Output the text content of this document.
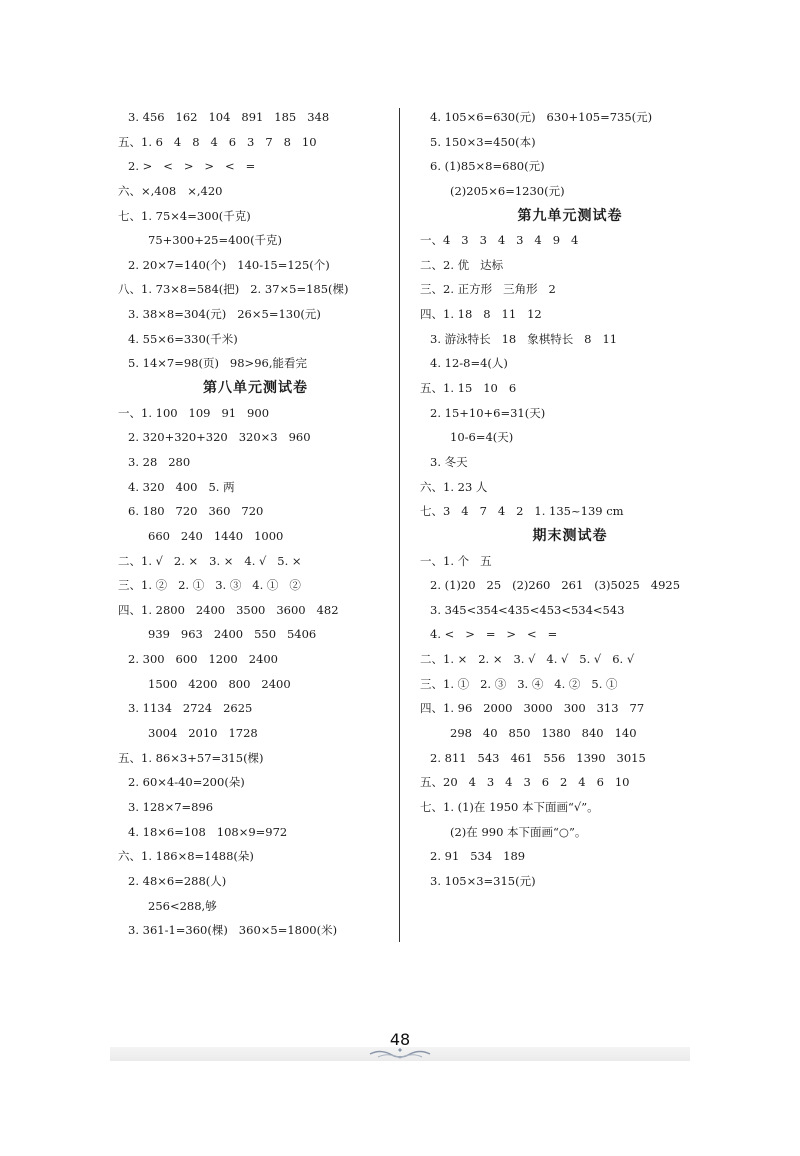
3. 456   162   104   891   185   348
五、1. 6   4   8   4   6   3   7   8   10
2. >   <   >   >   <   =
六、×,408   ×,420
七、1. 75×4=300(千克)
75+300+25=400(千克)
2. 20×7=140(个)   140-15=125(个)
八、1. 73×8=584(把)   2. 37×5=185(棵)
3. 38×8=304(元)   26×5=130(元)
4. 55×6=330(千米)
5. 14×7=98(页)   98>96,能看完
第八单元测试卷
一、1. 100   109   91   900
2. 320+320+320   320×3   960
3. 28   280
4. 320   400   5. 两
6. 180   720   360   720
660   240   1440   1000
二、1. √   2. ×   3. ×   4. √   5. ×
三、1. ②   2. ①   3. ③   4. ①   ②
四、1. 2800   2400   3500   3600   482
939   963   2400   550   5406
2. 300   600   1200   2400
1500   4200   800   2400
3. 1134   2724   2625
3004   2010   1728
五、1. 86×3+57=315(棵)
2. 60×4-40=200(朵)
3. 128×7=896
4. 18×6=108   108×9=972
六、1. 186×8=1488(朵)
2. 48×6=288(人)
256<288,够
3. 361-1=360(棵)   360×5=1800(米)
4. 105×6=630(元)   630+105=735(元)
5. 150×3=450(本)
6. (1)85×8=680(元)
(2)205×6=1230(元)
第九单元测试卷
一、4   3   3   4   3   4   9   4
二、2. 优   达标
三、2. 正方形   三角形   2
四、1. 18   8   11   12
3. 游泳特长   18   象棋特长   8   11
4. 12-8=4(人)
五、1. 15   10   6
2. 15+10+6=31(天)
10-6=4(天)
3. 冬天
六、1. 23 人
七、3   4   7   4   2   1. 135~139 cm
期末测试卷
一、1. 个   五
2. (1)20   25   (2)260   261   (3)5025   4925
3. 345<354<435<453<534<543
4. <   >   =   >   <   =
二、1. ×   2. ×   3. √   4. √   5. √   6. √
三、1. ①   2. ③   3. ④   4. ②   5. ①
四、1. 96   2000   3000   300   313   77
298   40   850   1380   840   140
2. 811   543   461   556   1390   3015
五、20   4   3   4   3   6   2   4   6   10
七、1. (1)在 1950 本下面画“√”。
(2)在 990 本下面画“○”。
2. 91   534   189
3. 105×3=315(元)
48
